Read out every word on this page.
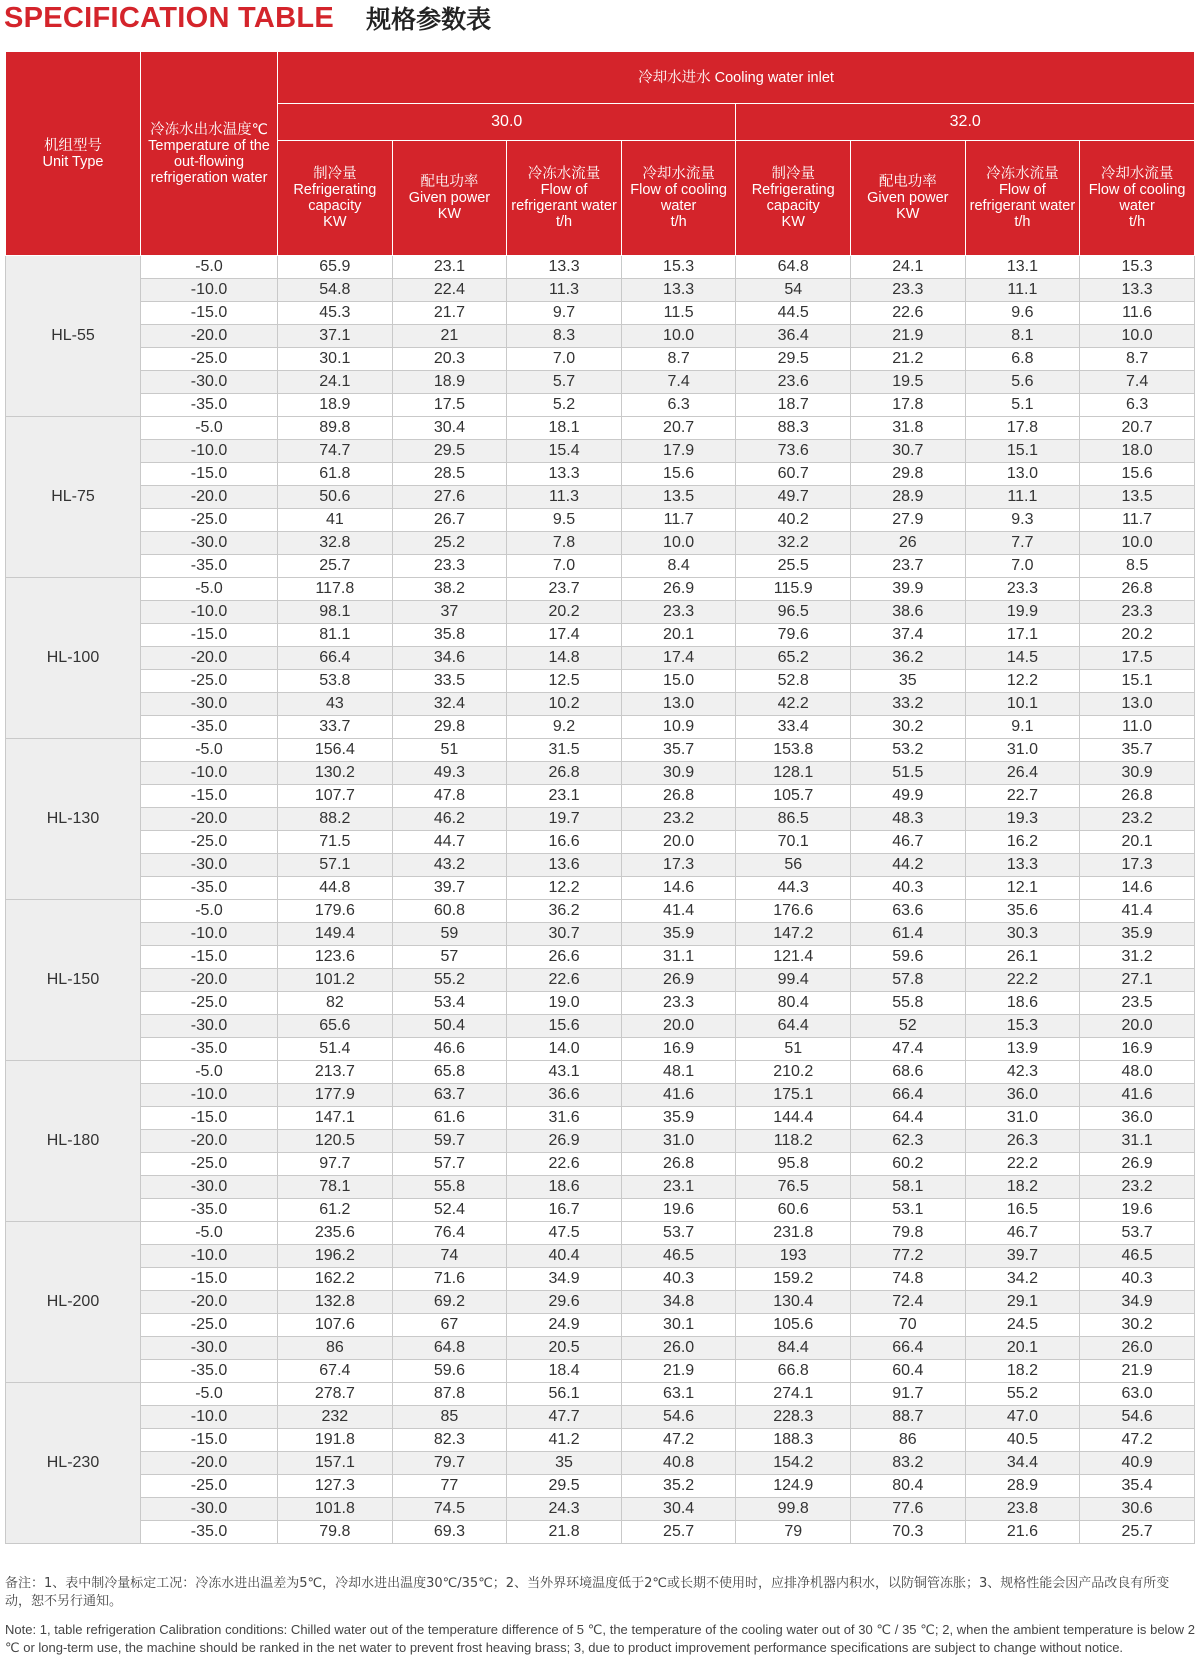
SPECIFICATION TABLE 规格参数表
机组型号
Unit Type	冷冻水出水温度℃
Temperature of the out-flowing refrigeration water	冷却水进水 Cooling water inlet							
		30.0				32.0			

		制冷量
Refrigerating capacity
KW	配电功率
Given power
KW	冷冻水流量
Flow of refrigerant water t/h	冷却水流量
Flow of cooling water
t/h	制冷量
Refrigerating capacity
KW	配电功率
Given power
KW	冷冻水流量
Flow of refrigerant water t/h	冷却水流量
Flow of cooling water
t/h

HL-55	-5.0	65.9	23.1	13.3	15.3	64.8	24.1	13.1	15.3
	-10.0	54.8	22.4	11.3	13.3	54	23.3	11.1	13.3
	-15.0	45.3	21.7	9.7	11.5	44.5	22.6	9.6	11.6
	-20.0	37.1	21	8.3	10.0	36.4	21.9	8.1	10.0
	-25.0	30.1	20.3	7.0	8.7	29.5	21.2	6.8	8.7
	-30.0	24.1	18.9	5.7	7.4	23.6	19.5	5.6	7.4
	-35.0	18.9	17.5	5.2	6.3	18.7	17.8	5.1	6.3
HL-75	-5.0	89.8	30.4	18.1	20.7	88.3	31.8	17.8	20.7
	-10.0	74.7	29.5	15.4	17.9	73.6	30.7	15.1	18.0
	-15.0	61.8	28.5	13.3	15.6	60.7	29.8	13.0	15.6
	-20.0	50.6	27.6	11.3	13.5	49.7	28.9	11.1	13.5
	-25.0	41	26.7	9.5	11.7	40.2	27.9	9.3	11.7
	-30.0	32.8	25.2	7.8	10.0	32.2	26	7.7	10.0
	-35.0	25.7	23.3	7.0	8.4	25.5	23.7	7.0	8.5
HL-100	-5.0	117.8	38.2	23.7	26.9	115.9	39.9	23.3	26.8
	-10.0	98.1	37	20.2	23.3	96.5	38.6	19.9	23.3
	-15.0	81.1	35.8	17.4	20.1	79.6	37.4	17.1	20.2
	-20.0	66.4	34.6	14.8	17.4	65.2	36.2	14.5	17.5
	-25.0	53.8	33.5	12.5	15.0	52.8	35	12.2	15.1
	-30.0	43	32.4	10.2	13.0	42.2	33.2	10.1	13.0
	-35.0	33.7	29.8	9.2	10.9	33.4	30.2	9.1	11.0
HL-130	-5.0	156.4	51	31.5	35.7	153.8	53.2	31.0	35.7
	-10.0	130.2	49.3	26.8	30.9	128.1	51.5	26.4	30.9
	-15.0	107.7	47.8	23.1	26.8	105.7	49.9	22.7	26.8
	-20.0	88.2	46.2	19.7	23.2	86.5	48.3	19.3	23.2
	-25.0	71.5	44.7	16.6	20.0	70.1	46.7	16.2	20.1
	-30.0	57.1	43.2	13.6	17.3	56	44.2	13.3	17.3
	-35.0	44.8	39.7	12.2	14.6	44.3	40.3	12.1	14.6
HL-150	-5.0	179.6	60.8	36.2	41.4	176.6	63.6	35.6	41.4
	-10.0	149.4	59	30.7	35.9	147.2	61.4	30.3	35.9
	-15.0	123.6	57	26.6	31.1	121.4	59.6	26.1	31.2
	-20.0	101.2	55.2	22.6	26.9	99.4	57.8	22.2	27.1
	-25.0	82	53.4	19.0	23.3	80.4	55.8	18.6	23.5
	-30.0	65.6	50.4	15.6	20.0	64.4	52	15.3	20.0
	-35.0	51.4	46.6	14.0	16.9	51	47.4	13.9	16.9
HL-180	-5.0	213.7	65.8	43.1	48.1	210.2	68.6	42.3	48.0
	-10.0	177.9	63.7	36.6	41.6	175.1	66.4	36.0	41.6
	-15.0	147.1	61.6	31.6	35.9	144.4	64.4	31.0	36.0
	-20.0	120.5	59.7	26.9	31.0	118.2	62.3	26.3	31.1
	-25.0	97.7	57.7	22.6	26.8	95.8	60.2	22.2	26.9
	-30.0	78.1	55.8	18.6	23.1	76.5	58.1	18.2	23.2
	-35.0	61.2	52.4	16.7	19.6	60.6	53.1	16.5	19.6
HL-200	-5.0	235.6	76.4	47.5	53.7	231.8	79.8	46.7	53.7
	-10.0	196.2	74	40.4	46.5	193	77.2	39.7	46.5
	-15.0	162.2	71.6	34.9	40.3	159.2	74.8	34.2	40.3
	-20.0	132.8	69.2	29.6	34.8	130.4	72.4	29.1	34.9
	-25.0	107.6	67	24.9	30.1	105.6	70	24.5	30.2
	-30.0	86	64.8	20.5	26.0	84.4	66.4	20.1	26.0
	-35.0	67.4	59.6	18.4	21.9	66.8	60.4	18.2	21.9
HL-230	-5.0	278.7	87.8	56.1	63.1	274.1	91.7	55.2	63.0
	-10.0	232	85	47.7	54.6	228.3	88.7	47.0	54.6
	-15.0	191.8	82.3	41.2	47.2	188.3	86	40.5	47.2
	-20.0	157.1	79.7	35	40.8	154.2	83.2	34.4	40.9
	-25.0	127.3	77	29.5	35.2	124.9	80.4	28.9	35.4
	-30.0	101.8	74.5	24.3	30.4	99.8	77.6	23.8	30.6
	-35.0	79.8	69.3	21.8	25.7	79	70.3	21.6	25.7
备注：1、表中制冷量标定工况：冷冻水进出温差为5℃，冷却水进出温度30℃/35℃；2、当外界环境温度低于2℃或长期不使用时，应排净机器内积水，以防铜管冻胀；3、规格性能会因产品改良有所变动，恕不另行通知。
Note: 1, table refrigeration Calibration conditions: Chilled water out of the temperature difference of 5 ℃, the temperature of the cooling water out of 30 ℃ / 35 ℃; 2, when the ambient temperature is below 2 ℃ or long-term use, the machine should be ranked in the net water to prevent frost heaving brass; 3, due to product improvement performance specifications are subject to change without notice.
